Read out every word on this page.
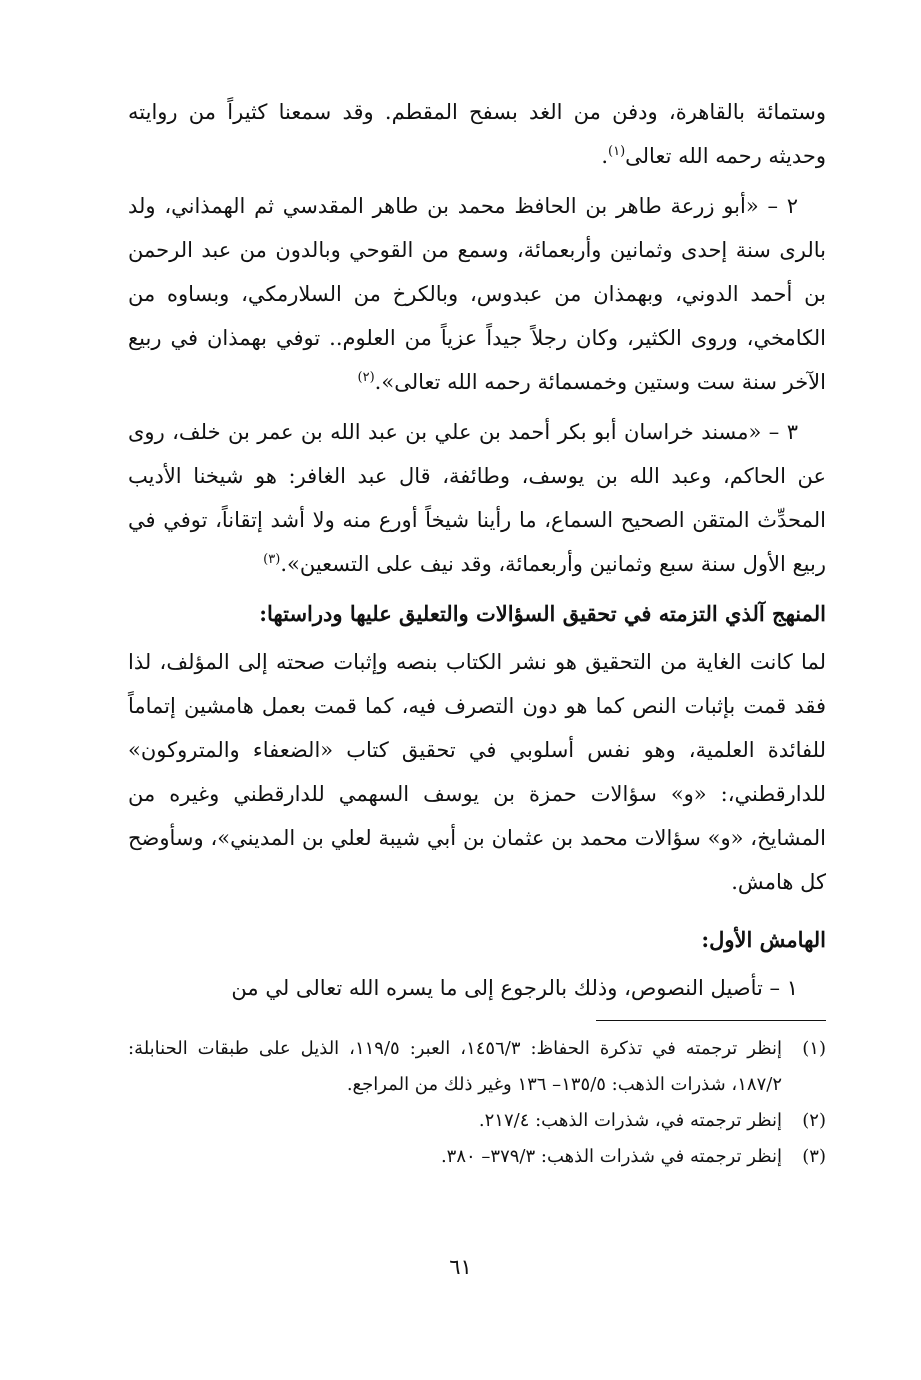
وستمائة بالقاهرة، ودفن من الغد بسفح المقطم. وقد سمعنا كثيراً من روايته وحديثه رحمه الله تعالى$^{(١)}$.

٢ – «أبو زرعة طاهر بن الحافظ محمد بن طاهر المقدسي ثم الهمذاني، ولد بالرى سنة إحدى وثمانين وأربعمائة، وسمع من القوحي وبالدون من عبد الرحمن بن أحمد الدوني، وبهمذان من عبدوس، وبالكرخ من السلارمكي، وبساوه من الكامخي، وروى الكثير، وكان رجلاً جيداً عزياً من العلوم.. توفي بهمذان في ربيع الآخر سنة ست وستين وخمسمائة رحمه الله تعالى».$^{(٢)}$

٣ – «مسند خراسان أبو بكر أحمد بن علي بن عبد الله بن عمر بن خلف، روى عن الحاكم، وعبد الله بن يوسف، وطائفة، قال عبد الغافر: هو شيخنا الأديب المحدِّث المتقن الصحيح السماع، ما رأينا شيخاً أورع منه ولا أشد إتقاناً، توفي في ربيع الأول سنة سبع وثمانين وأربعمائة، وقد نيف على التسعين».$^{(٣)}$

المنهج آلذي التزمته في تحقيق السؤالات والتعليق عليها ودراستها:

لما كانت الغاية من التحقيق هو نشر الكتاب بنصه وإثبات صحته إلى المؤلف، لذا فقد قمت بإثبات النص كما هو دون التصرف فيه، كما قمت بعمل هامشين إتماماً للفائدة العلمية، وهو نفس أسلوبي في تحقيق كتاب «الضعفاء والمتروكون» للدارقطني،: «و» سؤالات حمزة بن يوسف السهمي للدارقطني وغيره من المشايخ، «و» سؤالات محمد بن عثمان بن أبي شيبة لعلي بن المديني»، وسأوضح كل هامش.

الهامش الأول:

١ – تأصيل النصوص، وذلك بالرجوع إلى ما يسره الله تعالى لي من

(١)
إنظر ترجمته في تذكرة الحفاظ: ١٤٥٦/٣، العبر: ١١٩/٥، الذيل على طبقات الحنابلة: ١٨٧/٢، شذرات الذهب: ١٣٥/٥– ١٣٦ وغير ذلك من المراجع.
(٢)
إنظر ترجمته في، شذرات الذهب: ٢١٧/٤.
(٣)
إنظر ترجمته في شذرات الذهب: ٣٧٩/٣– ٣٨٠.
٦١
